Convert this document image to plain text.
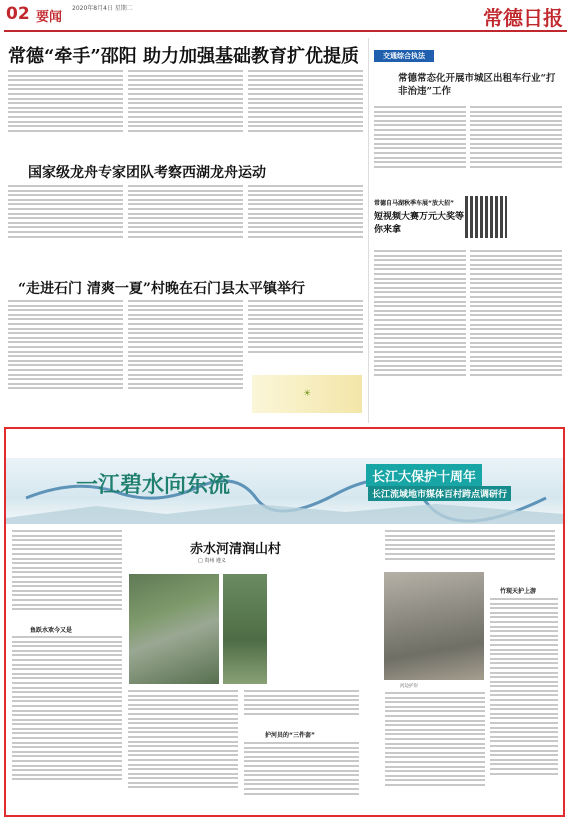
02 要闻
2020年8月4日 星期二	常德日报
常德“牵手”邵阳 助力加强基础教育扩优提质
国家级龙舟专家团队考察西湖龙舟运动
“走进石门 清爽一夏”村晚在石门县太平镇举行
☀
交通综合执法
常德常态化开展市城区出租车行业“打非治违”工作
常德自马湖秋季车展“放大招”
短视频大赛万元大奖等你来拿
一江碧水向东流	长江大保护十周年
长江流域地市媒体百村跨点调研行
赤水河清润山村
□ 贵州 遵义
河边护岸
鱼跃水欢今又是
护河员的“三件套”
竹现天护上游
